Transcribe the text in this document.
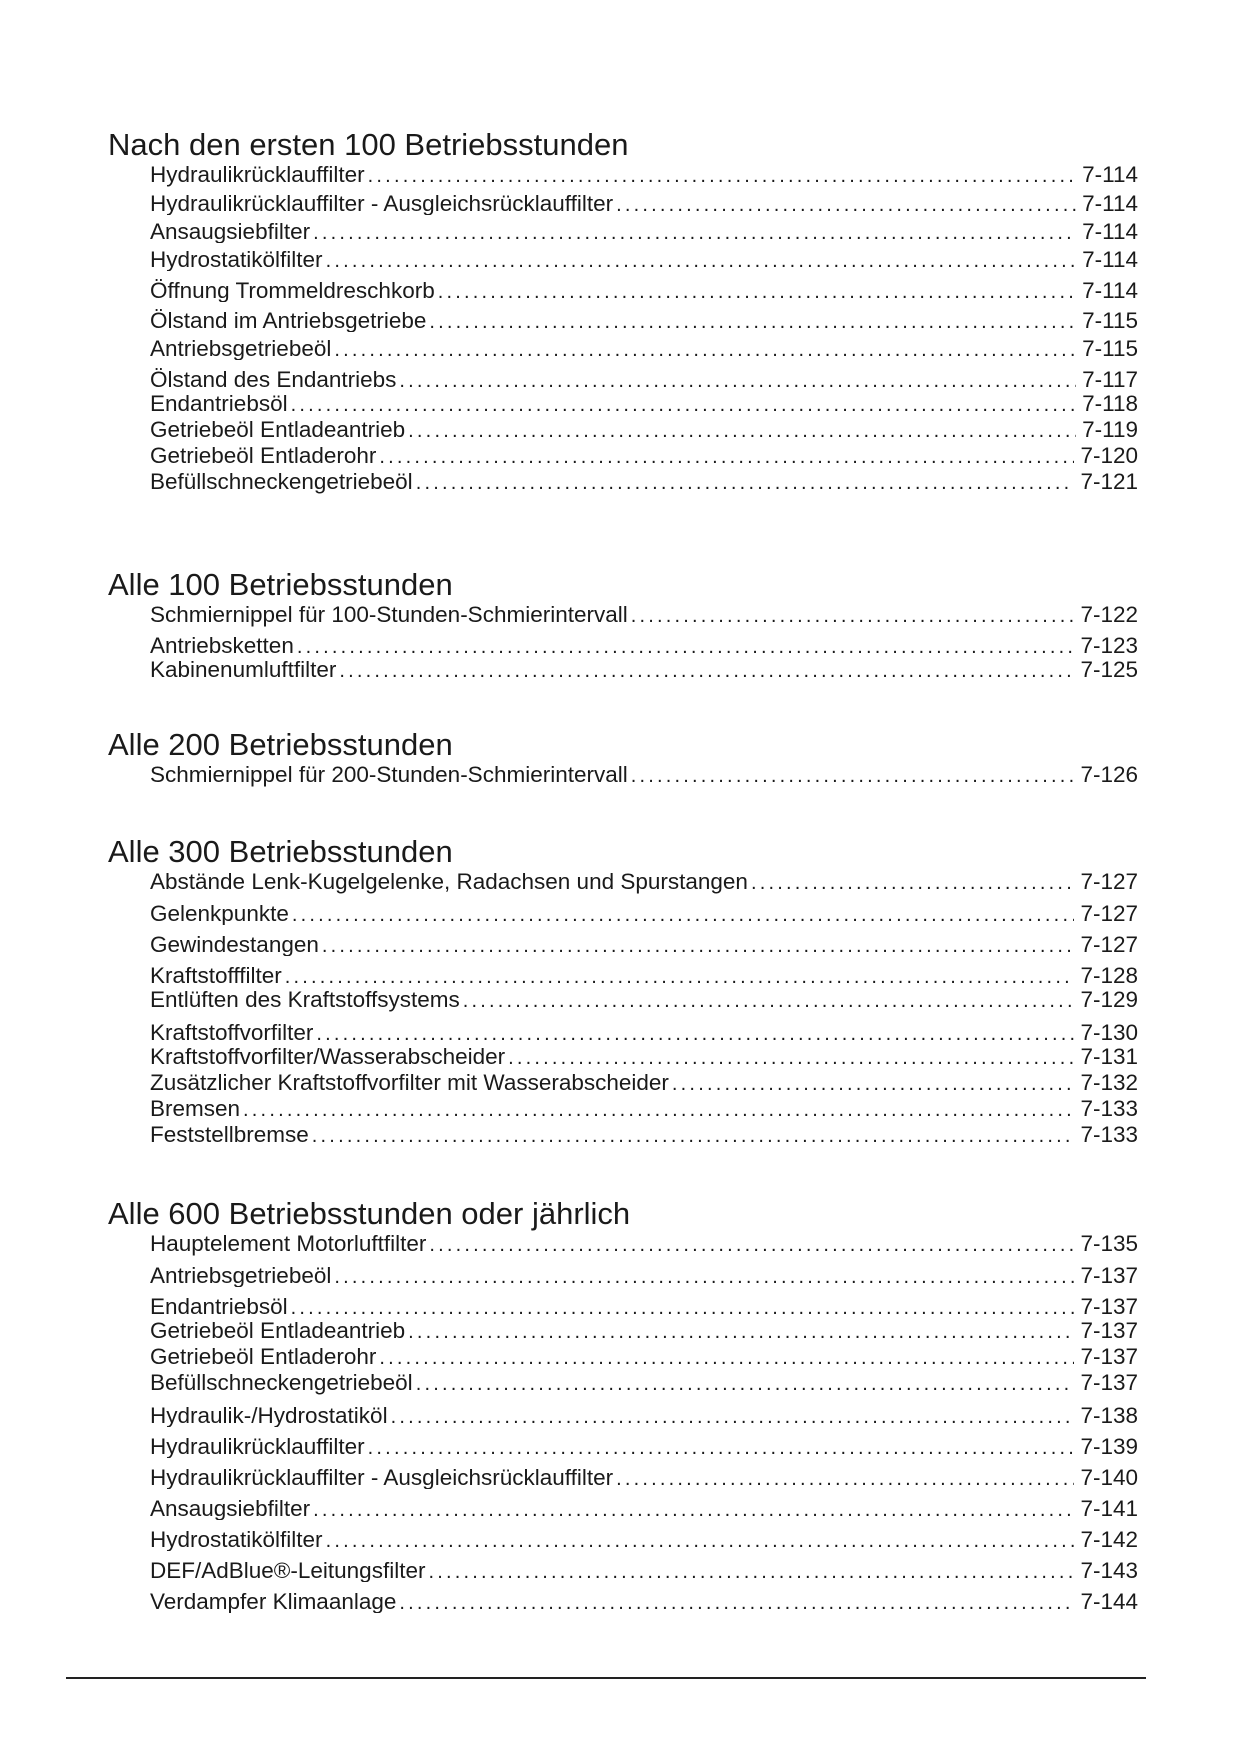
Nach den ersten 100 Betriebsstunden
Hydraulikrücklauffilter .....	7-114
Hydraulikrücklauffilter - Ausgleichsrücklauffilter .....	7-114
Ansaugsiebfilter .....	7-114
Hydrostatikölfilter .....	7-114
Öffnung Trommeldreschkorb .....	7-114
Ölstand im Antriebsgetriebe .....	7-115
Antriebsgetriebeöl .....	7-115
Ölstand des Endantriebs .....	7-117
Endantriebsöl .....	7-118
Getriebeöl Entladeantrieb .....	7-119
Getriebeöl Entladerohr .....	7-120
Befüllschneckengetriebeöl .....	7-121
Alle 100 Betriebsstunden
Schmiernippel für 100-Stunden-Schmierintervall .....	7-122
Antriebsketten .....	7-123
Kabinenumluftfilter .....	7-125
Alle 200 Betriebsstunden
Schmiernippel für 200-Stunden-Schmierintervall .....	7-126
Alle 300 Betriebsstunden
Abstände Lenk-Kugelgelenke, Radachsen und Spurstangen .....	7-127
Gelenkpunkte .....	7-127
Gewindestangen .....	7-127
Kraftstofffilter .....	7-128
Entlüften des Kraftstoffsystems .....	7-129
Kraftstoffvorfilter .....	7-130
Kraftstoffvorfilter/Wasserabscheider .....	7-131
Zusätzlicher Kraftstoffvorfilter mit Wasserabscheider .....	7-132
Bremsen .....	7-133
Feststellbremse .....	7-133
Alle 600 Betriebsstunden oder jährlich
Hauptelement Motorluftfilter .....	7-135
Antriebsgetriebeöl .....	7-137
Endantriebsöl .....	7-137
Getriebeöl Entladeantrieb .....	7-137
Getriebeöl Entladerohr .....	7-137
Befüllschneckengetriebeöl .....	7-137
Hydraulik-/Hydrostatiköl .....	7-138
Hydraulikrücklauffilter .....	7-139
Hydraulikrücklauffilter - Ausgleichsrücklauffilter .....	7-140
Ansaugsiebfilter .....	7-141
Hydrostatikölfilter .....	7-142
DEF/AdBlue®-Leitungsfilter .....	7-143
Verdampfer Klimaanlage .....	7-144
